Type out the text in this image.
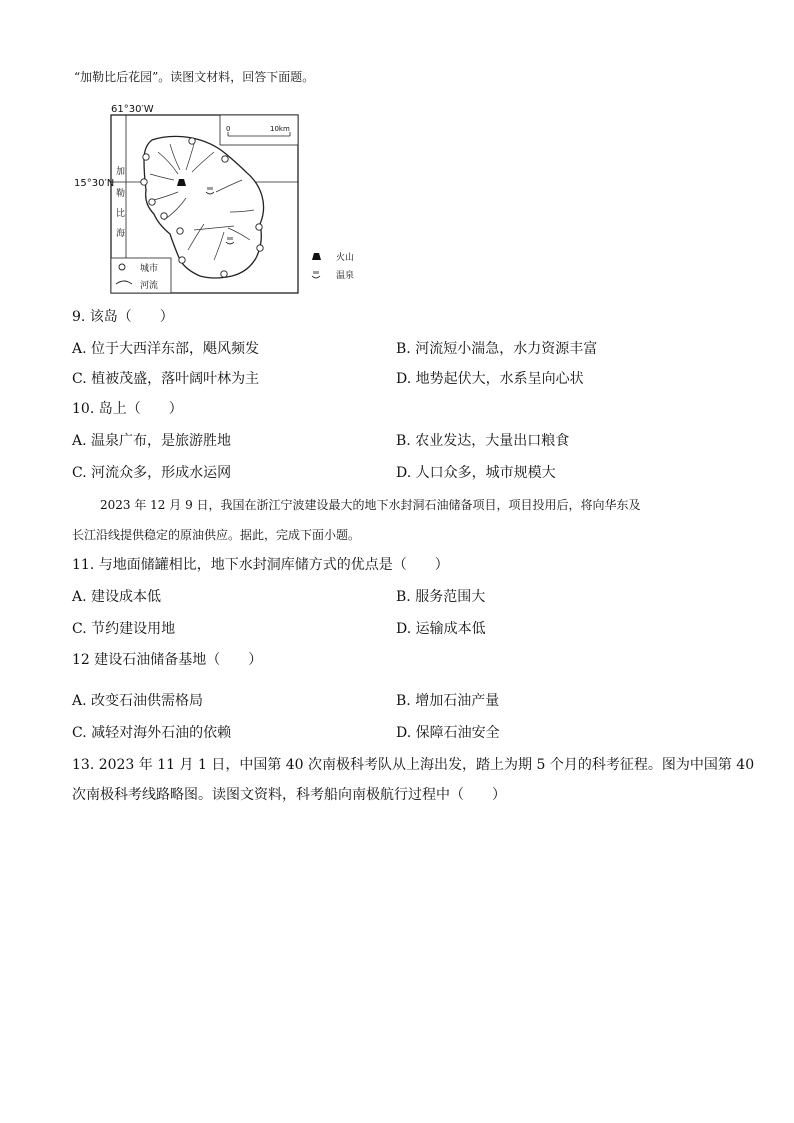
“加勒比后花园”。读图文材料，回答下面题。
61°30′W
15°30′N
加
勒
比
海
0	10km
城市
河流
火山
温泉
9. 该岛（　　）
A. 位于大西洋东部，飓风频发	B. 河流短小湍急，水力资源丰富
C. 植被茂盛，落叶阔叶林为主	D. 地势起伏大，水系呈向心状
10. 岛上（　　）
A. 温泉广布，是旅游胜地	B. 农业发达，大量出口粮食
C. 河流众多，形成水运网	D. 人口众多，城市规模大
2023 年 12 月 9 日，我国在浙江宁波建设最大的地下水封洞石油储备项目，项目投用后，将向华东及
长江沿线提供稳定的原油供应。据此，完成下面小题。
11. 与地面储罐相比，地下水封洞库储方式的优点是（　　）
A. 建设成本低	B. 服务范围大
C. 节约建设用地	D. 运输成本低
12 建设石油储备基地（　　）
A. 改变石油供需格局	B. 增加石油产量
C. 减轻对海外石油的依赖	D. 保障石油安全
13. 2023 年 11 月 1 日，中国第 40 次南极科考队从上海出发，踏上为期 5 个月的科考征程。图为中国第 40
次南极科考线路略图。读图文资料，科考船向南极航行过程中（　　）
